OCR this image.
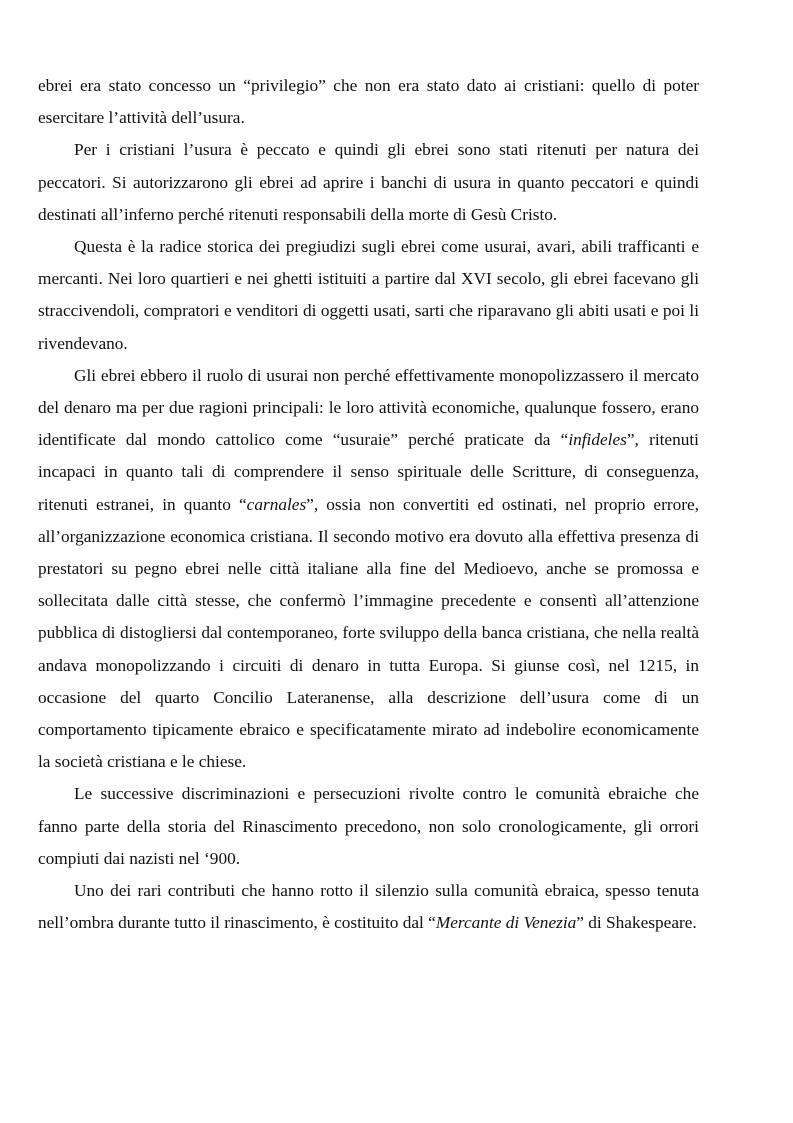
ebrei era stato concesso un “privilegio” che non era stato dato ai cristiani: quello di poter esercitare l’attività dell’usura.

Per i cristiani l’usura è peccato e quindi gli ebrei sono stati ritenuti per natura dei peccatori. Si autorizzarono gli ebrei ad aprire i banchi di usura in quanto peccatori e quindi destinati all’inferno perché ritenuti responsabili della morte di Gesù Cristo.

Questa è la radice storica dei pregiudizi sugli ebrei come usurai, avari, abili trafficanti e mercanti. Nei loro quartieri e nei ghetti istituiti a partire dal XVI secolo, gli ebrei facevano gli straccivendoli, compratori e venditori di oggetti usati, sarti che riparavano gli abiti usati e poi li rivendevano.

Gli ebrei ebbero il ruolo di usurai non perché effettivamente monopolizzassero il mercato del denaro ma per due ragioni principali: le loro attività economiche, qualunque fossero, erano identificate dal mondo cattolico come “usuraie” perché praticate da “infideles”, ritenuti incapaci in quanto tali di comprendere il senso spirituale delle Scritture, di conseguenza, ritenuti estranei, in quanto “carnales”, ossia non convertiti ed ostinati, nel proprio errore, all’organizzazione economica cristiana. Il secondo motivo era dovuto alla effettiva presenza di prestatori su pegno ebrei nelle città italiane alla fine del Medioevo, anche se promossa e sollecitata dalle città stesse, che confermò l’immagine precedente e consentì all’attenzione pubblica di distogliersi dal contemporaneo, forte sviluppo della banca cristiana, che nella realtà andava monopolizzando i circuiti di denaro in tutta Europa. Si giunse così, nel 1215, in occasione del quarto Concilio Lateranense, alla descrizione dell’usura come di un comportamento tipicamente ebraico e specificatamente mirato ad indebolire economicamente la società cristiana e le chiese.

Le successive discriminazioni e persecuzioni rivolte contro le comunità ebraiche che fanno parte della storia del Rinascimento precedono, non solo cronologicamente, gli orrori compiuti dai nazisti nel ‘900.

Uno dei rari contributi che hanno rotto il silenzio sulla comunità ebraica, spesso tenuta nell’ombra durante tutto il rinascimento, è costituito dal “Mercante di Venezia” di Shakespeare.
